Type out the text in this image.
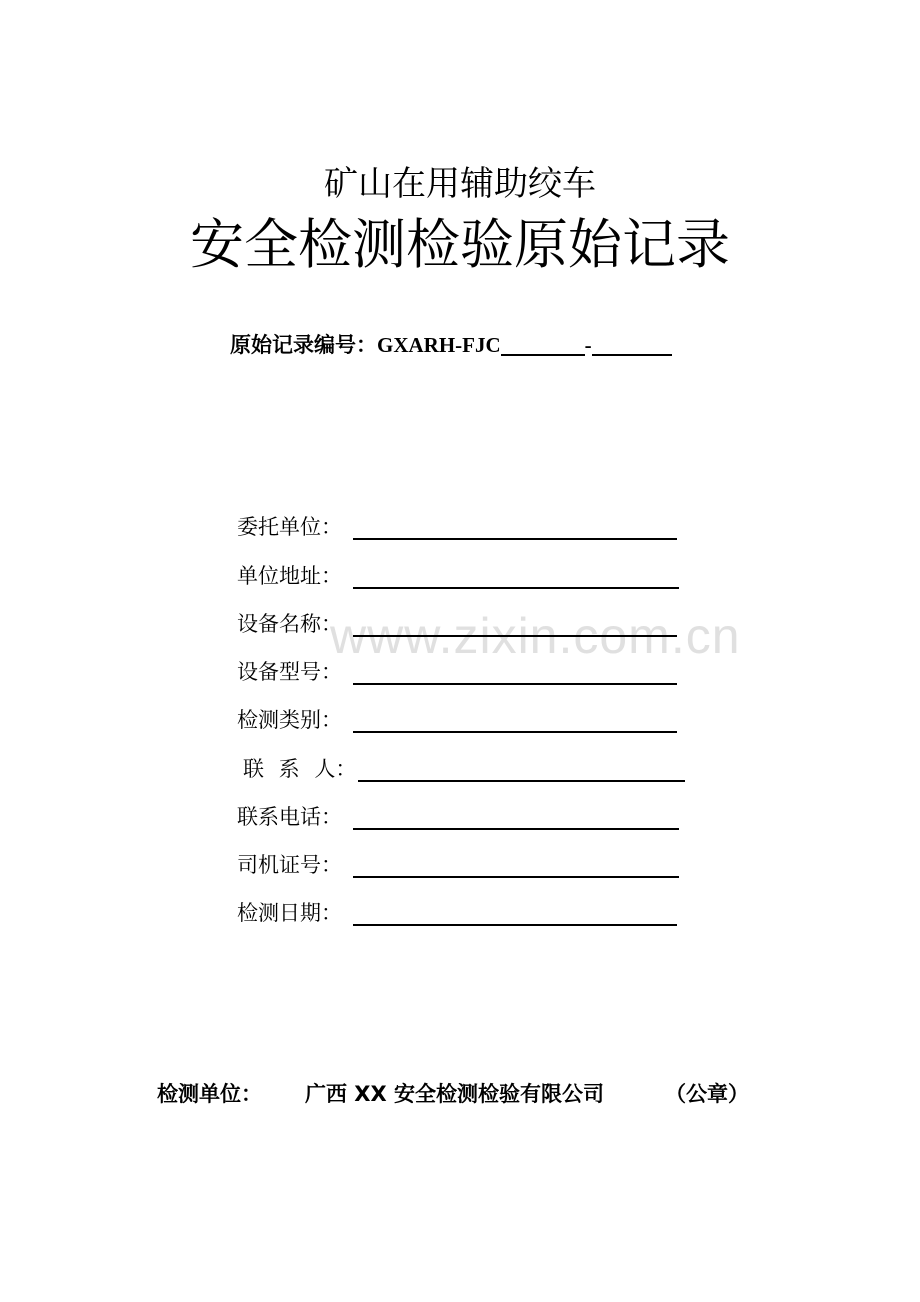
矿山在用辅助绞车
安全检测检验原始记录
原始记录编号：GXARH-FJC	-
www.zixin.com.cn
委托单位：
单位地址：
设备名称：
设备型号：
检测类别：
联 系 人：
联系电话：
司机证号：
检测日期：
检测单位： 广西 XX 安全检测检验有限公司	（公章）
